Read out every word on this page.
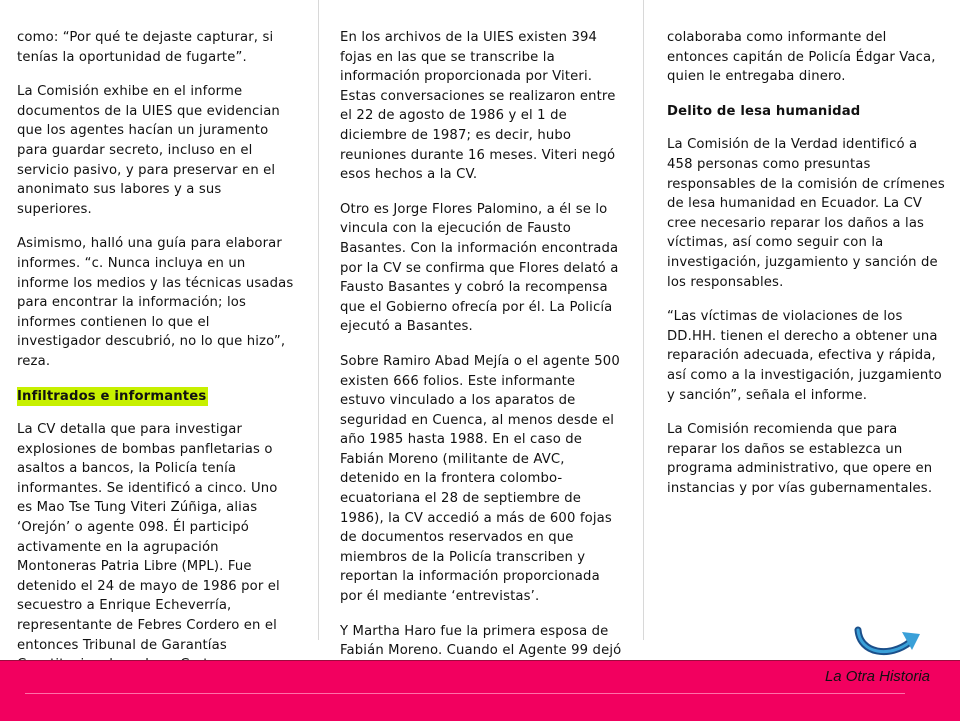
como: “Por qué te dejaste capturar, si tenías la oportunidad de fugarte”.

La Comisión exhibe en el informe documentos de la UIES que evidencian que los agentes hacían un juramento para guardar secreto, incluso en el servicio pasivo, y para preservar en el anonimato sus labores y a sus superiores.

Asimismo, halló una guía para elaborar informes. “c. Nunca incluya en un informe los medios y las técnicas usadas para encontrar la información; los informes contienen lo que el investigador descubrió, no lo que hizo”, reza.

Infiltrados e informantes

La CV detalla que para investigar explosiones de bombas panfletarias o asaltos a bancos, la Policía tenía informantes. Se identificó a cinco. Uno es Mao Tse Tung Viteri Zúñiga, alias ‘Orejón’ o agente 098. Él participó activamente en la agrupación Montoneras Patria Libre (MPL). Fue detenido el 24 de mayo de 1986 por el secuestro a Enrique Echeverría, representante de Febres Cordero en el entonces Tribunal de Garantías

En los archivos de la UIES existen 394 fojas en las que se transcribe la información proporcionada por Viteri. Estas conversaciones se realizaron entre el 22 de agosto de 1986 y el 1 de diciembre de 1987; es decir, hubo reuniones durante 16 meses. Viteri negó esos hechos a la CV.

Otro es Jorge Flores Palomino, a él se lo vincula con la ejecución de Fausto Basantes. Con la información encontrada por la CV se confirma que Flores delató a Fausto Basantes y cobró la recompensa que el Gobierno ofrecía por él. La Policía ejecutó a Basantes.

Sobre Ramiro Abad Mejía o el agente 500 existen 666 folios. Este informante estuvo vinculado a los aparatos de seguridad en Cuenca, al menos desde el año 1985 hasta 1988. En el caso de Fabián Moreno (militante de AVC, detenido en la frontera colombo-ecuatoriana el 28 de septiembre de 1986), la CV accedió a más de 600 fojas de documentos reservados en que miembros de la Policía transcriben y reportan la información proporcionada por él mediante ‘entrevistas’.

Y Martha Haro fue la primera esposa de Fabián Moreno. Cuando el Agente 99 dejó

colaboraba como informante del entonces capitán de Policía Édgar Vaca, quien le entregaba dinero.

Delito de lesa humanidad

La Comisión de la Verdad identificó a 458 personas como presuntas responsables de la comisión de crímenes de lesa humanidad en Ecuador. La CV cree necesario reparar los daños a las víctimas, así como seguir con la investigación, juzgamiento y sanción de los responsables.

“Las víctimas de violaciones de los DD.HH. tienen el derecho a obtener una reparación adecuada, efectiva y rápida, así como a la investigación, juzgamiento y sanción”, señala el informe.

La Comisión recomienda que para reparar los daños se establezca un programa administrativo, que opere en instancias y por vías gubernamentales.

La Otra Historia
